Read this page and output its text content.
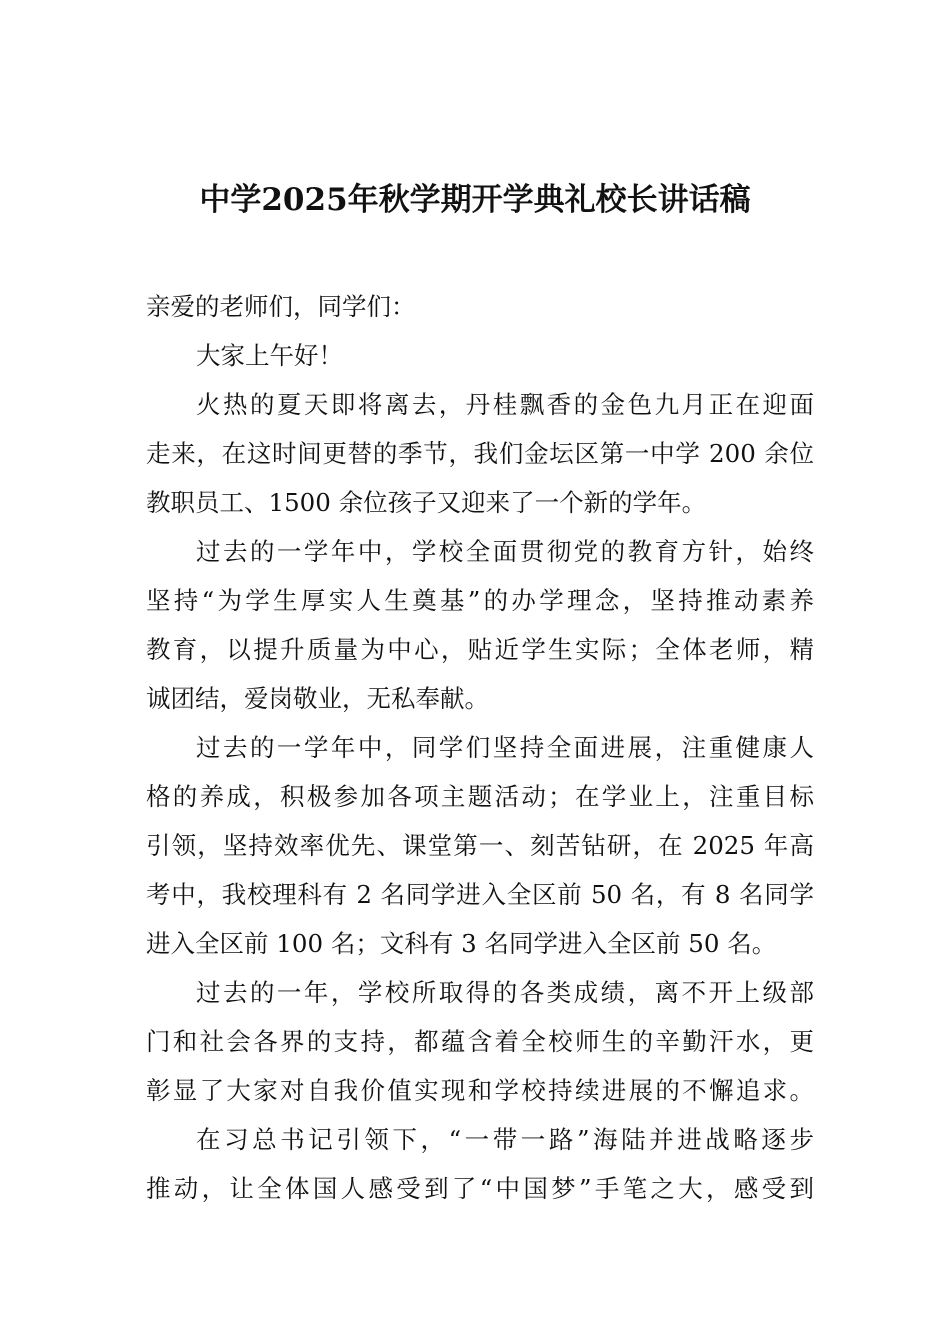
中学2025年秋学期开学典礼校长讲话稿
亲爱的老师们，同学们：
大家上午好！
火热的夏天即将离去，丹桂飘香的金色九月正在迎面
走来，在这时间更替的季节，我们金坛区第一中学 200 余位
教职员工、1500 余位孩子又迎来了一个新的学年。
过去的一学年中，学校全面贯彻党的教育方针，始终
坚持“为学生厚实人生奠基”的办学理念，坚持推动素养
教育，以提升质量为中心，贴近学生实际；全体老师，精
诚团结，爱岗敬业，无私奉献。
过去的一学年中，同学们坚持全面进展，注重健康人
格的养成，积极参加各项主题活动；在学业上，注重目标
引领，坚持效率优先、课堂第一、刻苦钻研，在 2025 年高
考中，我校理科有 2 名同学进入全区前 50 名，有 8 名同学
进入全区前 100 名；文科有 3 名同学进入全区前 50 名。
过去的一年，学校所取得的各类成绩，离不开上级部
门和社会各界的支持，都蕴含着全校师生的辛勤汗水，更
彰显了大家对自我价值实现和学校持续进展的不懈追求。
在习总书记引领下，“一带一路”海陆并进战略逐步
推动，让全体国人感受到了“中国梦”手笔之大，感受到
